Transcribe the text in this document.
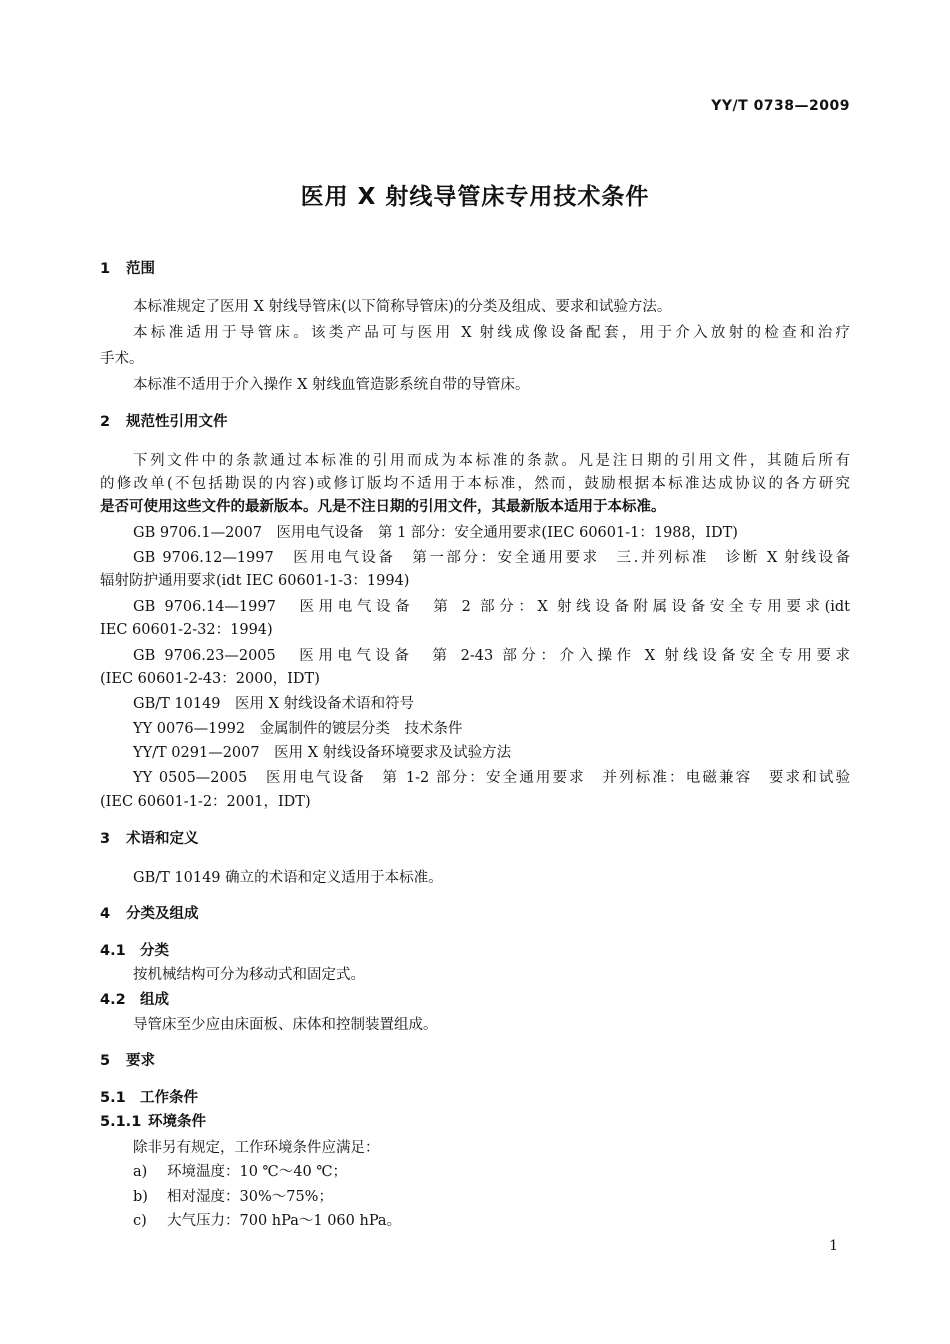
YY/T 0738—2009
医用 X 射线导管床专用技术条件
1 范围
本标准规定了医用 X 射线导管床(以下简称导管床)的分类及组成、要求和试验方法。
本标准适用于导管床。该类产品可与医用 X 射线成像设备配套，用于介入放射的检查和治疗
手术。
本标准不适用于介入操作 X 射线血管造影系统自带的导管床。
2 规范性引用文件
下列文件中的条款通过本标准的引用而成为本标准的条款。凡是注日期的引用文件，其随后所有
的修改单(不包括勘误的内容)或修订版均不适用于本标准，然而，鼓励根据本标准达成协议的各方研究
是否可使用这些文件的最新版本。凡是不注日期的引用文件，其最新版本适用于本标准。
GB 9706.1—2007　医用电气设备　第 1 部分：安全通用要求(IEC 60601-1：1988，IDT)
GB 9706.12—1997　医用电气设备　第一部分：安全通用要求　三.并列标准　诊断 X 射线设备
辐射防护通用要求(idt IEC 60601-1-3：1994)
GB 9706.14—1997　医用电气设备　第 2 部分：X 射线设备附属设备安全专用要求(idt
IEC 60601-2-32：1994)
GB 9706.23—2005　医用电气设备　第 2-43 部分：介入操作 X 射线设备安全专用要求
(IEC 60601-2-43：2000，IDT)
GB/T 10149　医用 X 射线设备术语和符号
YY 0076—1992　金属制件的镀层分类　技术条件
YY/T 0291—2007　医用 X 射线设备环境要求及试验方法
YY 0505—2005　医用电气设备　第 1-2 部分：安全通用要求　并列标准：电磁兼容　要求和试验
(IEC 60601-1-2：2001，IDT)
3 术语和定义
GB/T 10149 确立的术语和定义适用于本标准。
4 分类及组成
4.1 分类
按机械结构可分为移动式和固定式。
4.2 组成
导管床至少应由床面板、床体和控制装置组成。
5 要求
5.1 工作条件
5.1.1 环境条件
除非另有规定，工作环境条件应满足：
a) 环境温度：10 ℃～40 ℃；
b) 相对湿度：30%～75%；
c) 大气压力：700 hPa～1 060 hPa。
1
